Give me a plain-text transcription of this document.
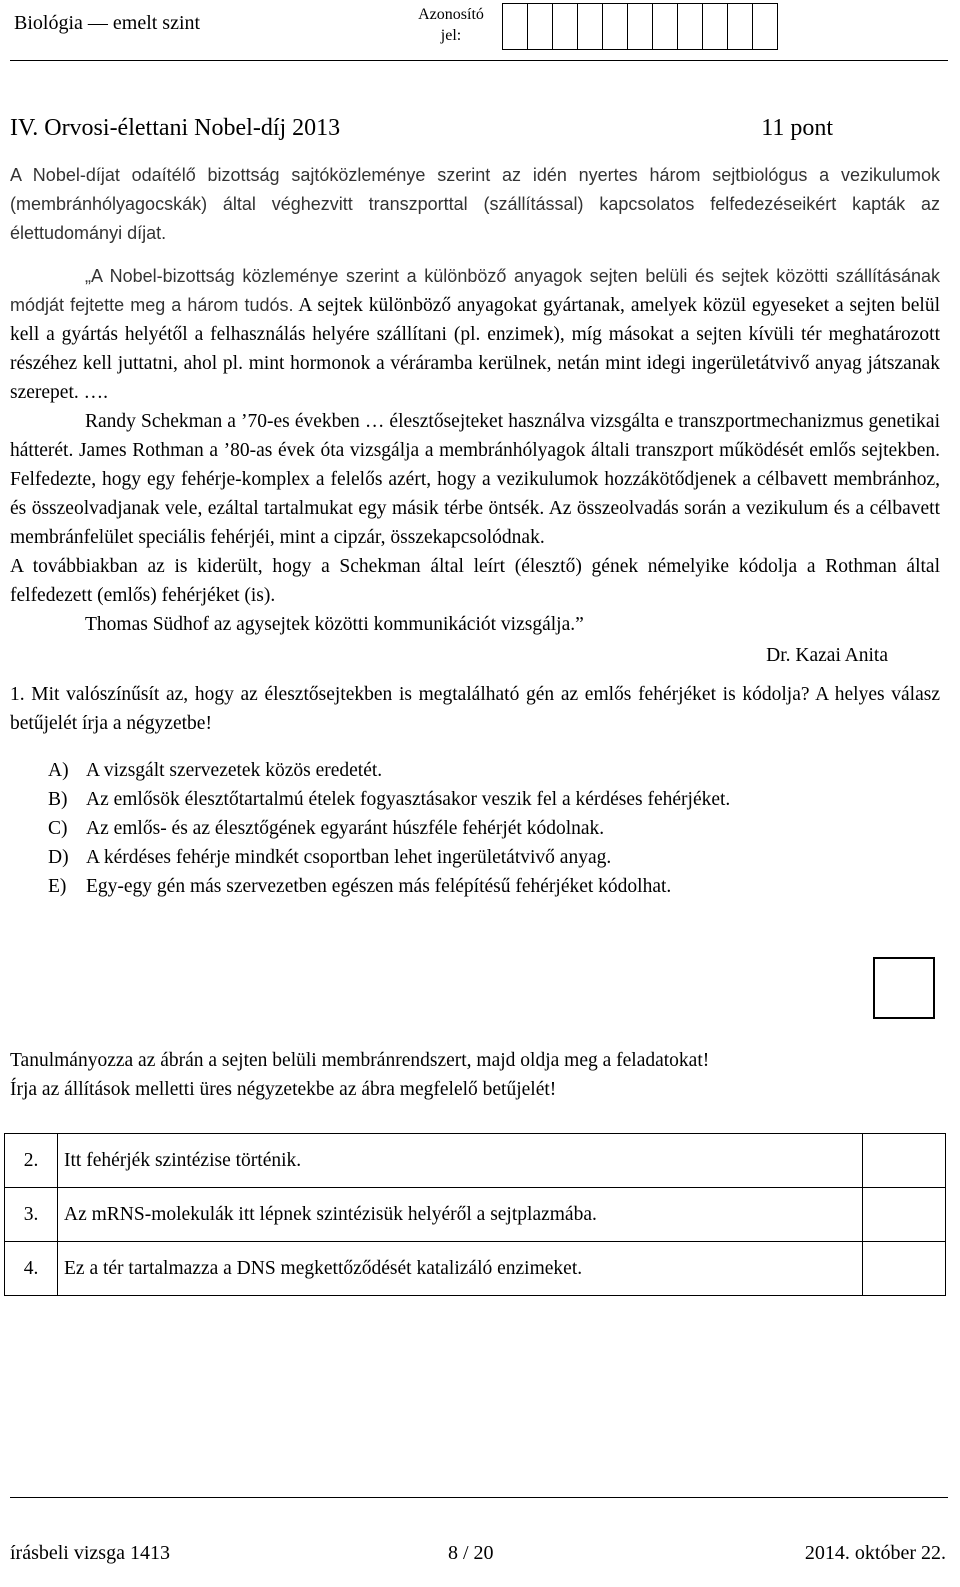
Biológia — emelt szint	Azonosító jel:
IV. Orvosi-élettani Nobel-díj 2013	11 pont

A Nobel-díjat odaítélő bizottság sajtóközleménye szerint az idén nyertes három sejtbiológus a vezikulumok (membránhólyagocskák) által véghezvitt transzporttal (szállítással) kapcsolatos felfedezéseikért kapták az élettudományi díjat.

„A Nobel-bizottság közleménye szerint a különböző anyagok sejten belüli és sejtek közötti szállításának módját fejtette meg a három tudós. A sejtek különböző anyagokat gyártanak, amelyek közül egyeseket a sejten belül kell a gyártás helyétől a felhasználás helyére szállítani (pl. enzimek), míg másokat a sejten kívüli tér meghatározott részéhez kell juttatni, ahol pl. mint hormonok a véráramba kerülnek, netán mint idegi ingerületátvivő anyag játszanak szerepet. ….

Randy Schekman a ’70-es években … élesztősejteket használva vizsgálta e transzportmechanizmus genetikai hátterét. James Rothman a ’80-as évek óta vizsgálja a membránhólyagok általi transzport működését emlős sejtekben. Felfedezte, hogy egy fehérje-komplex a felelős azért, hogy a vezikulumok hozzákötődjenek a célbavett membránhoz, és összeolvadjanak vele, ezáltal tartalmukat egy másik térbe öntsék. Az összeolvadás során a vezikulum és a célbavett membránfelület speciális fehérjéi, mint a cipzár, összekapcsolódnak.

A továbbiakban az is kiderült, hogy a Schekman által leírt (élesztő) gének némelyike kódolja a Rothman által felfedezett (emlős) fehérjéket (is).

Thomas Südhof az agysejtek közötti kommunikációt vizsgálja.”

Dr. Kazai Anita

1. Mit valószínűsít az, hogy az élesztősejtekben is megtalálható gén az emlős fehérjéket is kódolja? A helyes válasz betűjelét írja a négyzetbe!

A) A vizsgált szervezetek közös eredetét.
B) Az emlősök élesztőtartalmú ételek fogyasztásakor veszik fel a kérdéses fehérjéket.
C) Az emlős- és az élesztőgének egyaránt húszféle fehérjét kódolnak.
D) A kérdéses fehérje mindkét csoportban lehet ingerületátvivő anyag.
E)	Egy-egy gén más szervezetben egészen más felépítésű fehérjéket kódolhat.
Tanulmányozza az ábrán a sejten belüli membránrendszert, majd oldja meg a feladatokat!
Írja az állítások melletti üres négyzetekbe az ábra megfelelő betűjelét!
2.	Itt fehérjék szintézise történik.	
3.	Az mRNS-molekulák itt lépnek szintézisük helyéről a sejtplazmába.	
4.	Ez a tér tartalmazza a DNS megkettőződését katalizáló enzimeket.	
írásbeli vizsga 1413	8 / 20	2014. október 22.
